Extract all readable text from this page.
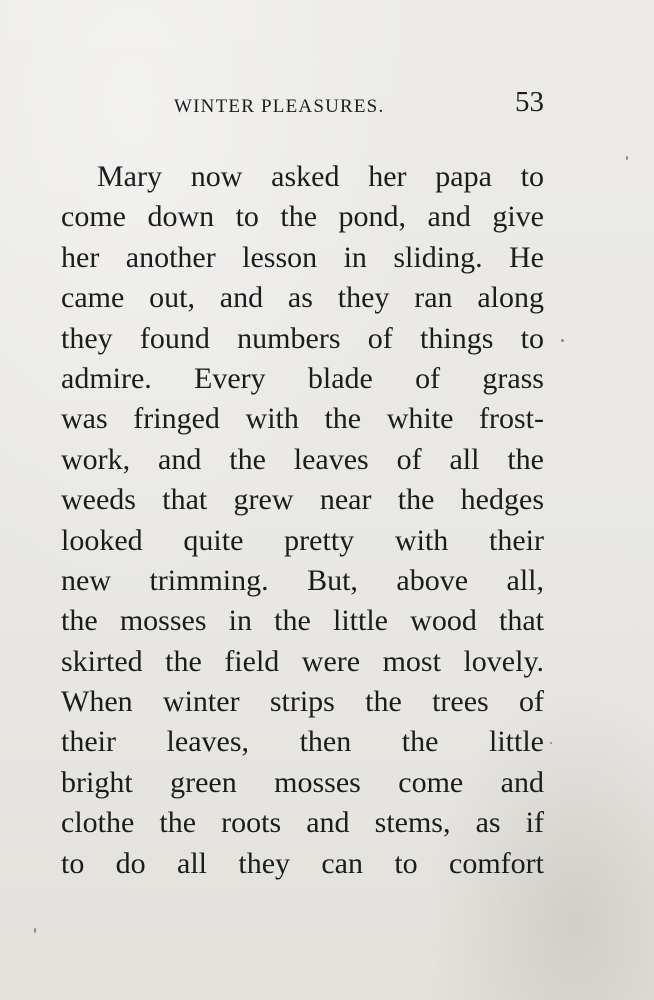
WINTER PLEASURES.	53
Mary now asked her papa to
come down to the pond, and give
her another lesson in sliding. He
came out, and as they ran along
they found numbers of things to
admire. Every blade of grass
was fringed with the white frost-
work, and the leaves of all the
weeds that grew near the hedges
looked quite pretty with their
new trimming. But, above all,
the mosses in the little wood that
skirted the field were most lovely.
When winter strips the trees of
their leaves, then the little
bright green mosses come and
clothe the roots and stems, as if
to do all they can to comfort
